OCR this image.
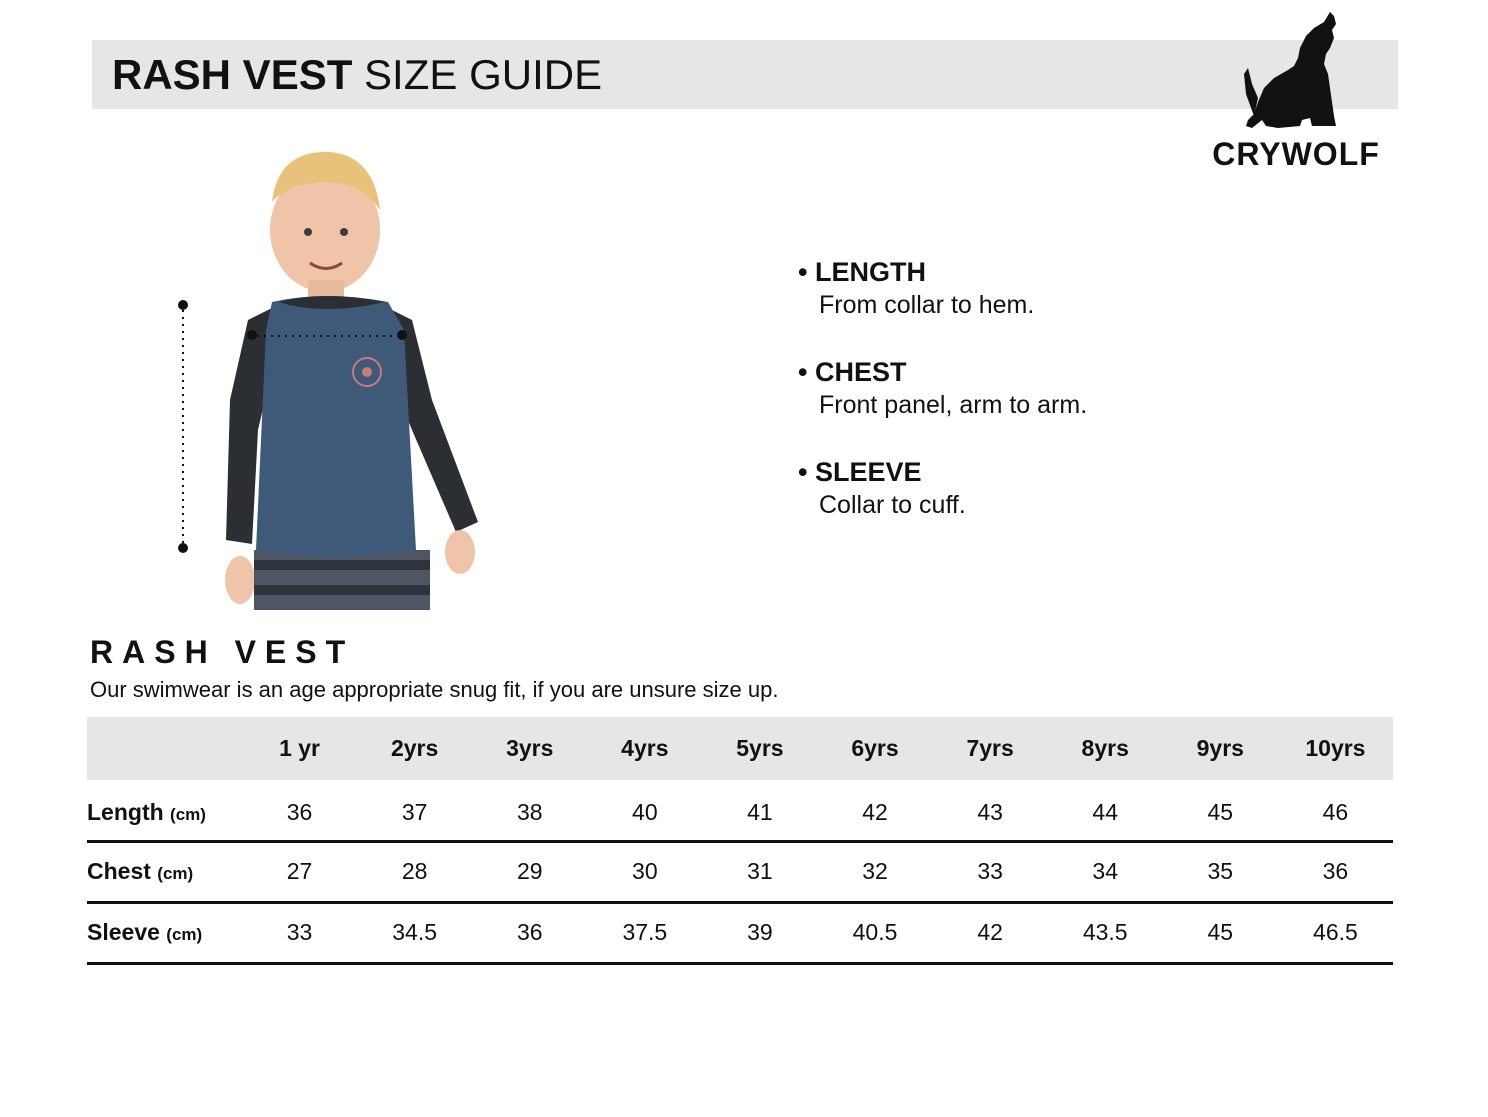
RASH VEST SIZE GUIDE
CRYWOLF
• LENGTH
From collar to hem.
• CHEST
Front panel, arm to arm.
• SLEEVE
Collar to cuff.
RASH VEST

Our swimwear is an age appropriate snug fit, if you are unsure size up.

	1 yr	2yrs	3yrs	4yrs	5yrs	6yrs	7yrs	8yrs	9yrs	10yrs
Length (cm)	36	37	38	40	41	42	43	44	45	46
Chest (cm)	27	28	29	30	31	32	33	34	35	36
Sleeve (cm)	33	34.5	36	37.5	39	40.5	42	43.5	45	46.5
